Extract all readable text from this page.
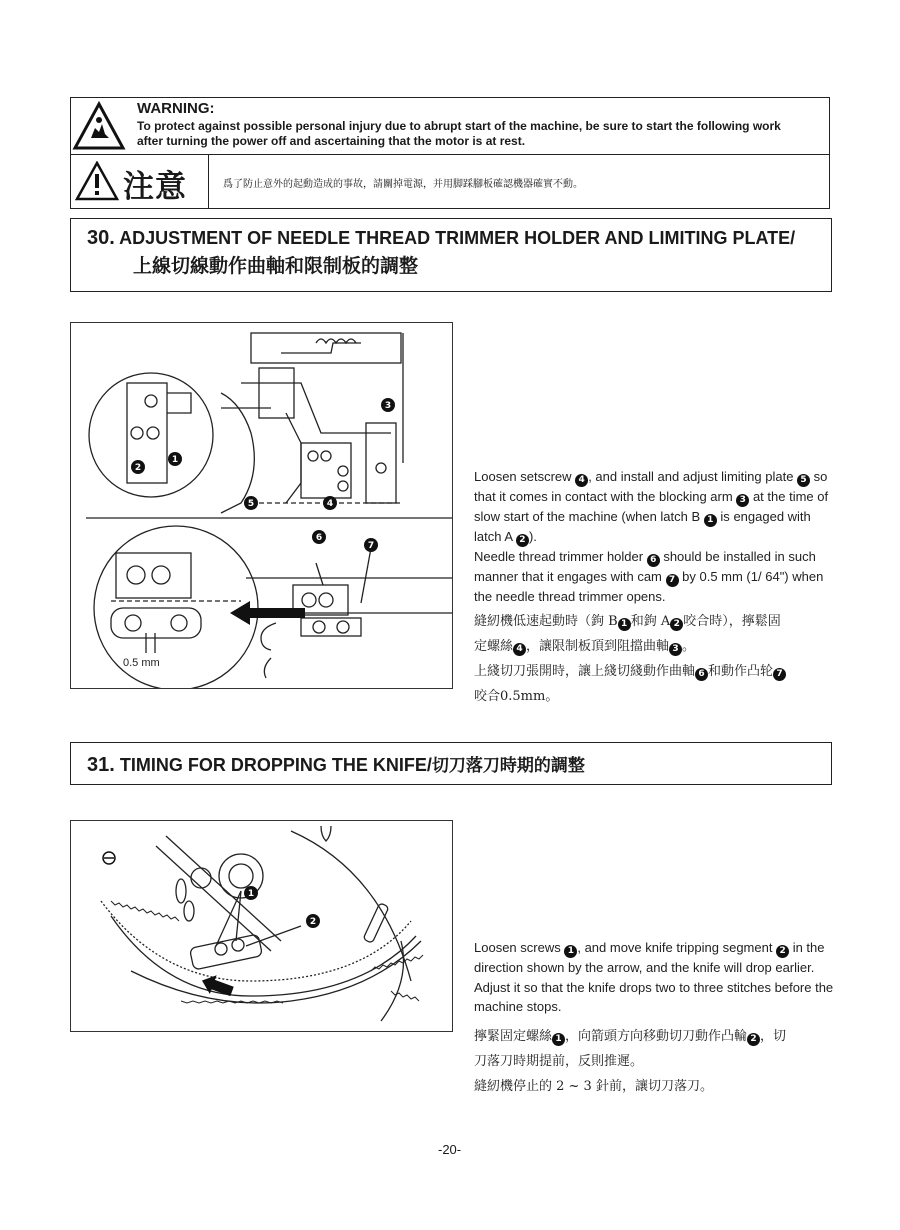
WARNING:
To protect against possible personal injury due to abrupt start of the machine, be sure to start the following work
after turning the power off and ascertaining that the motor is at rest.
注意	爲了防止意外的起動造成的事故，請關掉電源，并用脚踩腳板確認機器確實不動。
30. ADJUSTMENT OF NEEDLE THREAD TRIMMER HOLDER AND LIMITING PLATE/
上線切線動作曲軸和限制板的調整
1
2
3
4
5
6
7
0.5 mm
Loosen setscrew 4 , and install and adjust limiting plate 5 so that it comes in contact with the blocking arm 3 at the time of slow start of the machine (when latch B 1 is engaged with latch A 2 ).
Needle thread trimmer holder 6 should be installed in such manner that it engages with cam 7 by 0.5 mm (1/ 64") when the needle thread trimmer opens.
縫紉機低速起動時（鉤 B 1 和鉤 A 2 咬合時），擰鬆固
定螺絲 4 ，讓限制板頂到阻擋曲軸 3 。
上綫切刀張開時，讓上綫切綫動作曲軸 6 和動作凸轮 7
咬合0.5mm。
31. TIMING FOR DROPPING THE KNIFE/切刀落刀時期的調整
1
2
Loosen screws 1 , and move knife tripping segment 2 in the direction shown by the arrow, and the knife will drop earlier. Adjust it so that the knife drops two to three stitches before the machine stops.
擰緊固定螺絲 1 ，向箭頭方向移動切刀動作凸輪 2 ，切
刀落刀時期提前，反則推遲。
縫紉機停止的 2 ~ 3 針前，讓切刀落刀。
-20-
